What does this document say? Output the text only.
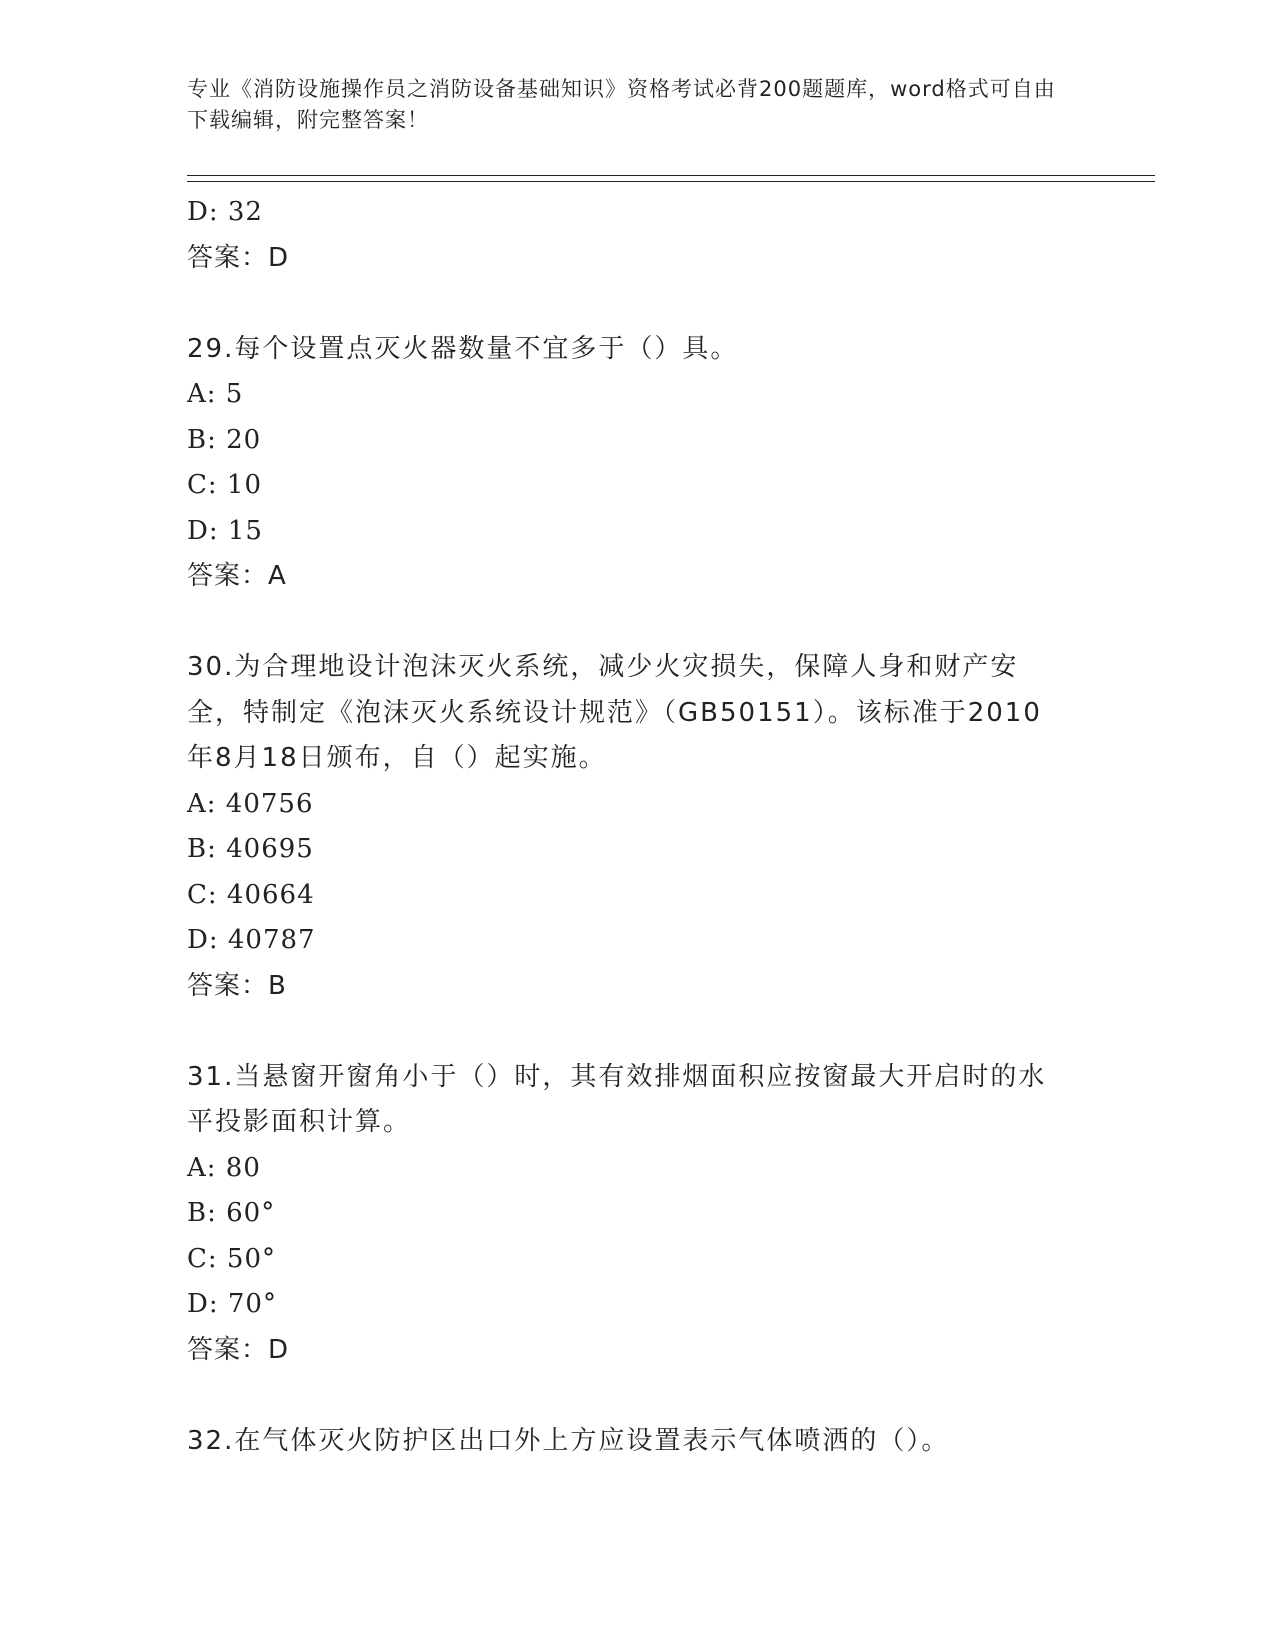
专业《消防设施操作员之消防设备基础知识》资格考试必背200题题库，word格式可自由下载编辑，附完整答案！
D: 32
答案：D
29.每个设置点灭火器数量不宜多于（）具。
A: 5
B: 20
C: 10
D: 15
答案：A
30.为合理地设计泡沫灭火系统，减少火灾损失，保障人身和财产安全，特制定《泡沫灭火系统设计规范》（GB50151）。该标准于2010年8月18日颁布，自（）起实施。
A: 40756
B: 40695
C: 40664
D: 40787
答案：B
31.当悬窗开窗角小于（）时，其有效排烟面积应按窗最大开启时的水平投影面积计算。
A: 80
B: 60°
C: 50°
D: 70°
答案：D
32.在气体灭火防护区出口外上方应设置表示气体喷洒的（）。
